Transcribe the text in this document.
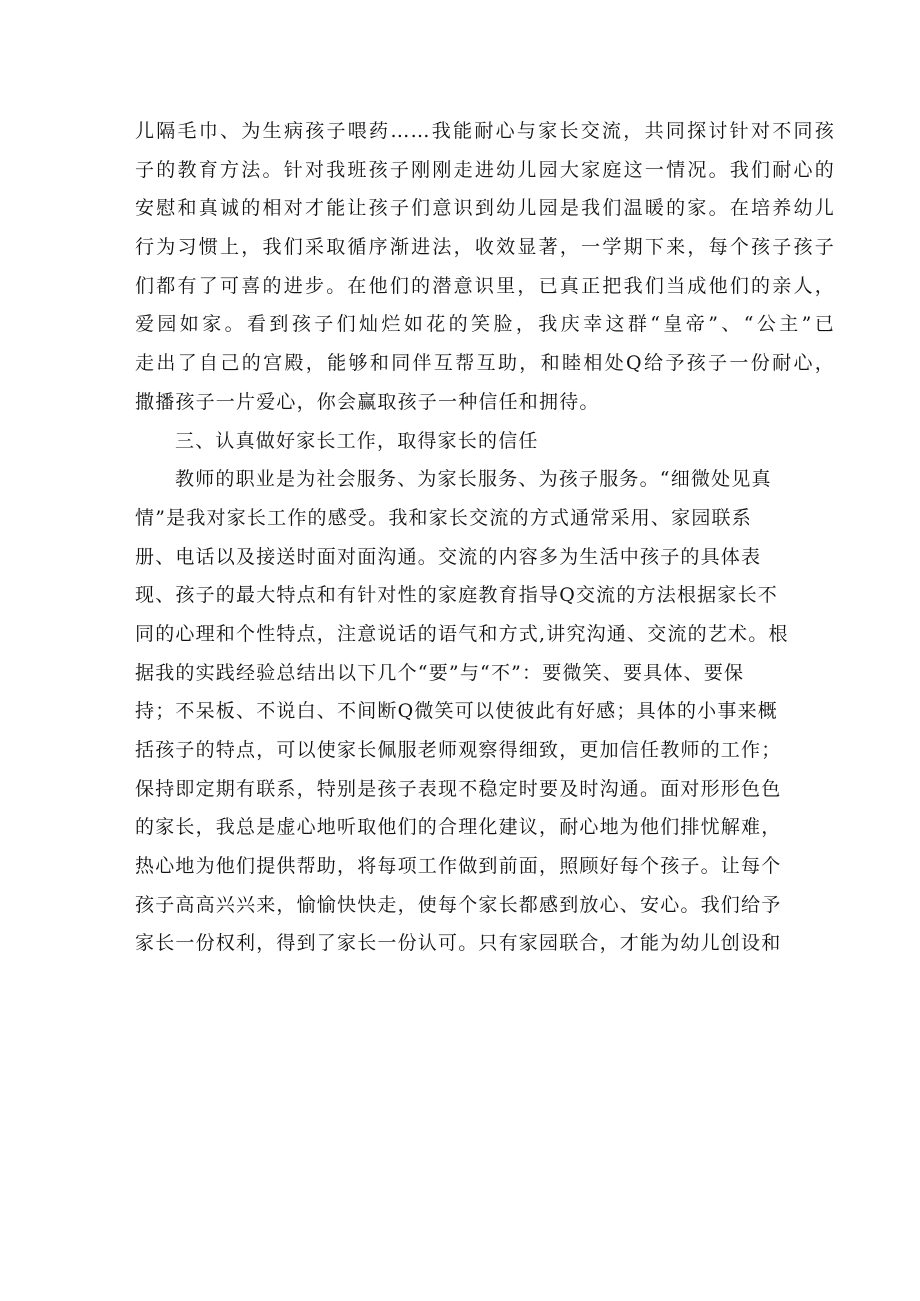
儿隔毛巾、为生病孩子喂药……我能耐心与家长交流，共同探讨针对不同孩
子的教育方法。针对我班孩子刚刚走进幼儿园大家庭这一情况。我们耐心的
安慰和真诚的相对才能让孩子们意识到幼儿园是我们温暖的家。在培养幼儿
行为习惯上，我们采取循序渐进法，收效显著，一学期下来，每个孩子孩子
们都有了可喜的进步。在他们的潜意识里，已真正把我们当成他们的亲人，
爱园如家。看到孩子们灿烂如花的笑脸，我庆幸这群“皇帝”、“公主”已
走出了自己的宫殿，能够和同伴互帮互助，和睦相处Q给予孩子一份耐心，
撒播孩子一片爱心，你会赢取孩子一种信任和拥待。
三、认真做好家长工作，取得家长的信任
教师的职业是为社会服务、为家长服务、为孩子服务。“细微处见真
情”是我对家长工作的感受。我和家长交流的方式通常采用、家园联系
册、电话以及接送时面对面沟通。交流的内容多为生活中孩子的具体表
现、孩子的最大特点和有针对性的家庭教育指导Q交流的方法根据家长不
同的心理和个性特点，注意说话的语气和方式,讲究沟通、交流的艺术。根
据我的实践经验总结出以下几个“要”与“不”：要微笑、要具体、要保
持；不呆板、不说白、不间断Q微笑可以使彼此有好感；具体的小事来概
括孩子的特点，可以使家长佩服老师观察得细致，更加信任教师的工作；
保持即定期有联系，特别是孩子表现不稳定时要及时沟通。面对形形色色
的家长，我总是虚心地听取他们的合理化建议，耐心地为他们排忧解难，
热心地为他们提供帮助，将每项工作做到前面，照顾好每个孩子。让每个
孩子高高兴兴来，愉愉快快走，使每个家长都感到放心、安心。我们给予
家长一份权利，得到了家长一份认可。只有家园联合，才能为幼儿创设和
